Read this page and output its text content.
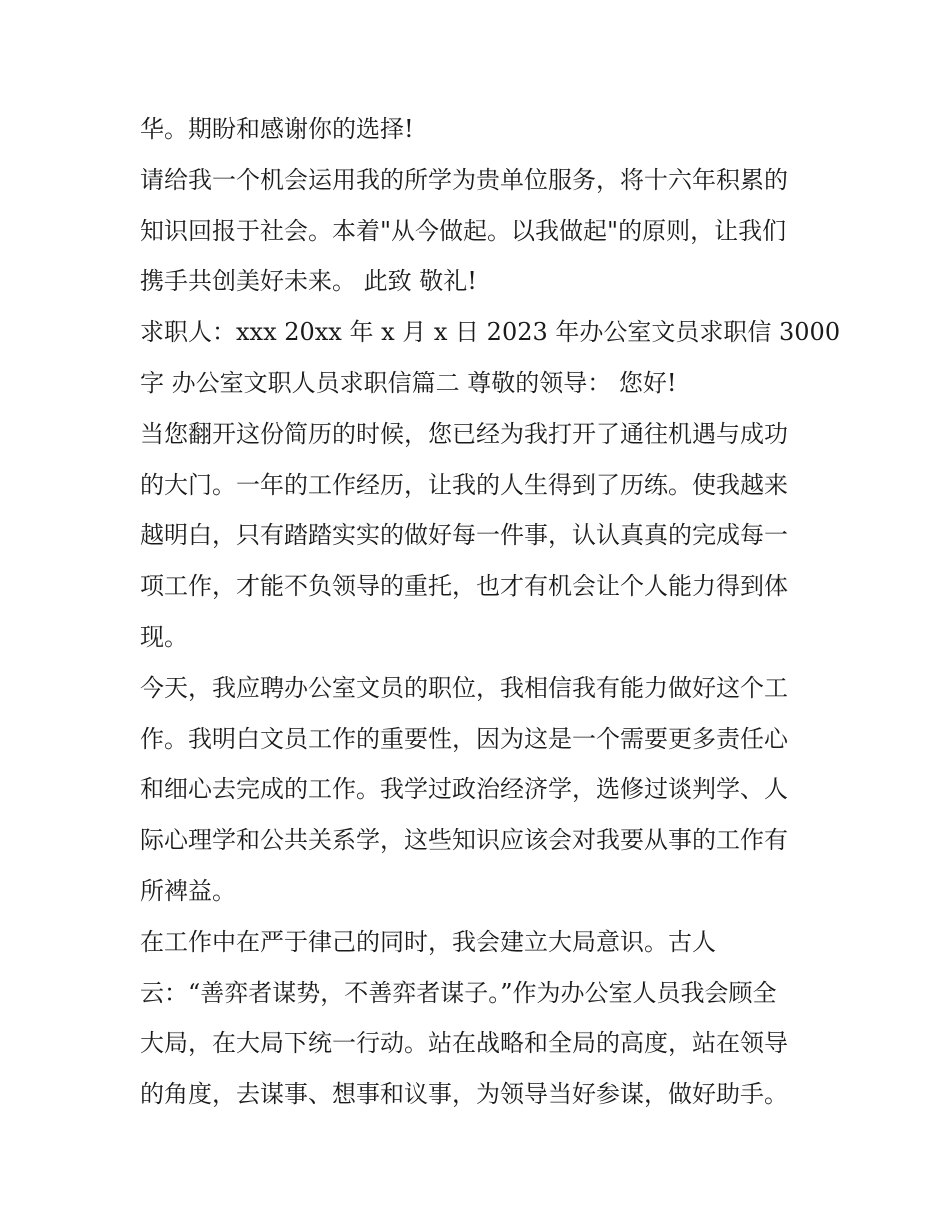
华。期盼和感谢你的选择!
请给我一个机会运用我的所学为贵单位服务，将十六年积累的
知识回报于社会。本着"从今做起。以我做起"的原则，让我们
携手共创美好未来。 此致 敬礼!
求职人：xxx 20xx 年 x 月 x 日 2023 年办公室文员求职信 3000
字 办公室文职人员求职信篇二 尊敬的领导： 您好!
当您翻开这份简历的时候，您已经为我打开了通往机遇与成功
的大门。一年的工作经历，让我的人生得到了历练。使我越来
越明白，只有踏踏实实的做好每一件事，认认真真的完成每一
项工作，才能不负领导的重托，也才有机会让个人能力得到体
现。
今天，我应聘办公室文员的职位，我相信我有能力做好这个工
作。我明白文员工作的重要性，因为这是一个需要更多责任心
和细心去完成的工作。我学过政治经济学，选修过谈判学、人
际心理学和公共关系学，这些知识应该会对我要从事的工作有
所裨益。
在工作中在严于律己的同时，我会建立大局意识。古人
云：“善弈者谋势，不善弈者谋子。”作为办公室人员我会顾全
大局，在大局下统一行动。站在战略和全局的高度，站在领导
的角度，去谋事、想事和议事，为领导当好参谋，做好助手。
